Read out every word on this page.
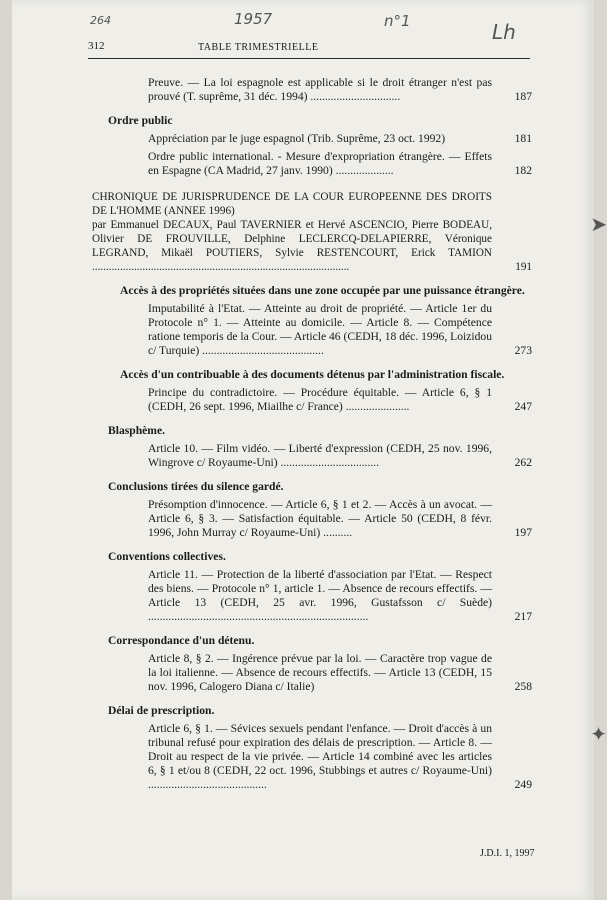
264	1957	n°1	Lh
312	TABLE TRIMESTRIELLE
Preuve. — La loi espagnole est applicable si le droit étranger n'est pas prouvé (T. suprême, 31 déc. 1994) ...............................	187
Ordre public
Appréciation par le juge espagnol (Trib. Suprême, 23 oct. 1992)	181
Ordre public international. - Mesure d'expropriation étrangère. — Effets en Espagne (CA Madrid, 27 janv. 1990) ....................	182
CHRONIQUE DE JURISPRUDENCE DE LA COUR EUROPEENNE DES DROITS DE L'HOMME (ANNEE 1996)
par Emmanuel DECAUX, Paul TAVERNIER et Hervé ASCENCIO, Pierre BODEAU, Olivier DE FROUVILLE, Delphine LECLERCQ-DELAPIERRE, Véronique LEGRAND, Mikaël POUTIERS, Sylvie RESTENCOURT, Erick TAMION ............................................................................................	191
Accès à des propriétés situées dans une zone occupée par une puissance étrangère.
Imputabilité à l'Etat. — Atteinte au droit de propriété. — Article 1er du Protocole n° 1. — Atteinte au domicile. — Article 8. — Compétence ratione temporis de la Cour. — Article 46 (CEDH, 18 déc. 1996, Loizidou c/ Turquie) ..........................................	273
Accès d'un contribuable à des documents détenus par l'administration fiscale.
Principe du contradictoire. — Procédure équitable. — Article 6, § 1 (CEDH, 26 sept. 1996, Miailhe c/ France) ......................	247
Blasphème.
Article 10. — Film vidéo. — Liberté d'expression (CEDH, 25 nov. 1996, Wingrove c/ Royaume-Uni) ..................................	262
Conclusions tirées du silence gardé.
Présomption d'innocence. — Article 6, § 1 et 2. — Accès à un avocat. — Article 6, § 3. — Satisfaction équitable. — Article 50 (CEDH, 8 févr. 1996, John Murray c/ Royaume-Uni) ..........	197
Conventions collectives.
Article 11. — Protection de la liberté d'association par l'Etat. — Respect des biens. — Protocole n° 1, article 1. — Absence de recours effectifs. — Article 13 (CEDH, 25 avr. 1996, Gustafsson c/ Suède) ............................................................................	217
Correspondance d'un détenu.
Article 8, § 2. — Ingérence prévue par la loi. — Caractère trop vague de la loi italienne. — Absence de recours effectifs. — Article 13 (CEDH, 15 nov. 1996, Calogero Diana c/ Italie)	258
Délai de prescription.
Article 6, § 1. — Sévices sexuels pendant l'enfance. — Droit d'accès à un tribunal refusé pour expiration des délais de prescription. — Article 8. — Droit au respect de la vie privée. — Article 14 combiné avec les articles 6, § 1 et/ou 8 (CEDH, 22 oct. 1996, Stubbings et autres c/ Royaume-Uni) .........................................	249
J.D.I. 1, 1997
➤
✦
